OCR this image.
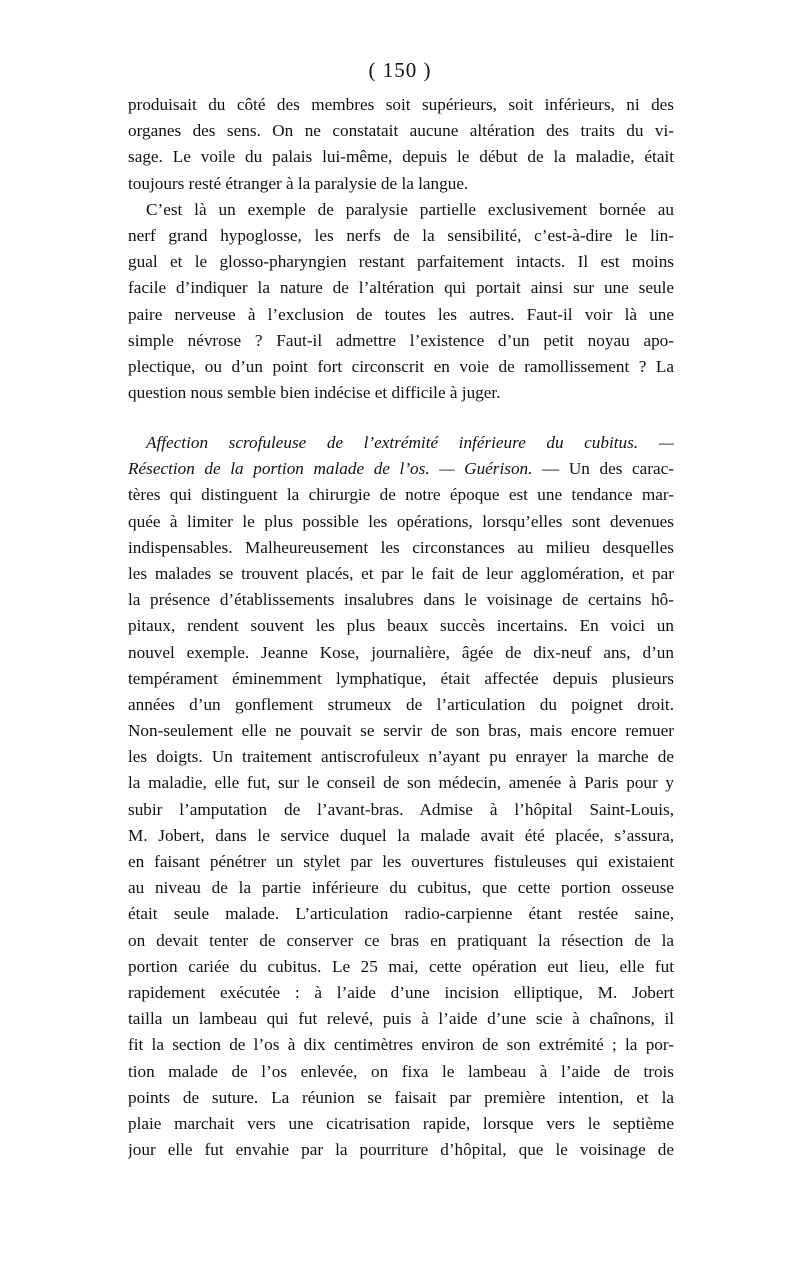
( 150 )
produisait du côté des membres soit supérieurs, soit inférieurs, ni des
organes des sens. On ne constatait aucune altération des traits du vi-
sage. Le voile du palais lui-même, depuis le début de la maladie, était
toujours resté étranger à la paralysie de la langue.
C’est là un exemple de paralysie partielle exclusivement bornée au
nerf grand hypoglosse, les nerfs de la sensibilité, c’est-à-dire le lin-
gual et le glosso-pharyngien restant parfaitement intacts. Il est moins
facile d’indiquer la nature de l’altération qui portait ainsi sur une seule
paire nerveuse à l’exclusion de toutes les autres. Faut-il voir là une
simple névrose ? Faut-il admettre l’existence d’un petit noyau apo-
plectique, ou d’un point fort circonscrit en voie de ramollissement ? La
question nous semble bien indécise et difficile à juger.
Affection scrofuleuse de l’extrémité inférieure du cubitus. —
Résection de la portion malade de l’os. — Guérison. — Un des carac-
tères qui distinguent la chirurgie de notre époque est une tendance mar-
quée à limiter le plus possible les opérations, lorsqu’elles sont devenues
indispensables. Malheureusement les circonstances au milieu desquelles
les malades se trouvent placés, et par le fait de leur agglomération, et par
la présence d’établissements insalubres dans le voisinage de certains hô-
pitaux, rendent souvent les plus beaux succès incertains. En voici un
nouvel exemple. Jeanne Kose, journalière, âgée de dix-neuf ans, d’un
tempérament éminemment lymphatique, était affectée depuis plusieurs
années d’un gonflement strumeux de l’articulation du poignet droit.
Non-seulement elle ne pouvait se servir de son bras, mais encore remuer
les doigts. Un traitement antiscrofuleux n’ayant pu enrayer la marche de
la maladie, elle fut, sur le conseil de son médecin, amenée à Paris pour y
subir l’amputation de l’avant-bras. Admise à l’hôpital Saint-Louis,
M. Jobert, dans le service duquel la malade avait été placée, s’assura,
en faisant pénétrer un stylet par les ouvertures fistuleuses qui existaient
au niveau de la partie inférieure du cubitus, que cette portion osseuse
était seule malade. L’articulation radio-carpienne étant restée saine,
on devait tenter de conserver ce bras en pratiquant la résection de la
portion cariée du cubitus. Le 25 mai, cette opération eut lieu, elle fut
rapidement exécutée : à l’aide d’une incision elliptique, M. Jobert
tailla un lambeau qui fut relevé, puis à l’aide d’une scie à chaînons, il
fit la section de l’os à dix centimètres environ de son extrémité ; la por-
tion malade de l’os enlevée, on fixa le lambeau à l’aide de trois
points de suture. La réunion se faisait par première intention, et la
plaie marchait vers une cicatrisation rapide, lorsque vers le septième
jour elle fut envahie par la pourriture d’hôpital, que le voisinage de
